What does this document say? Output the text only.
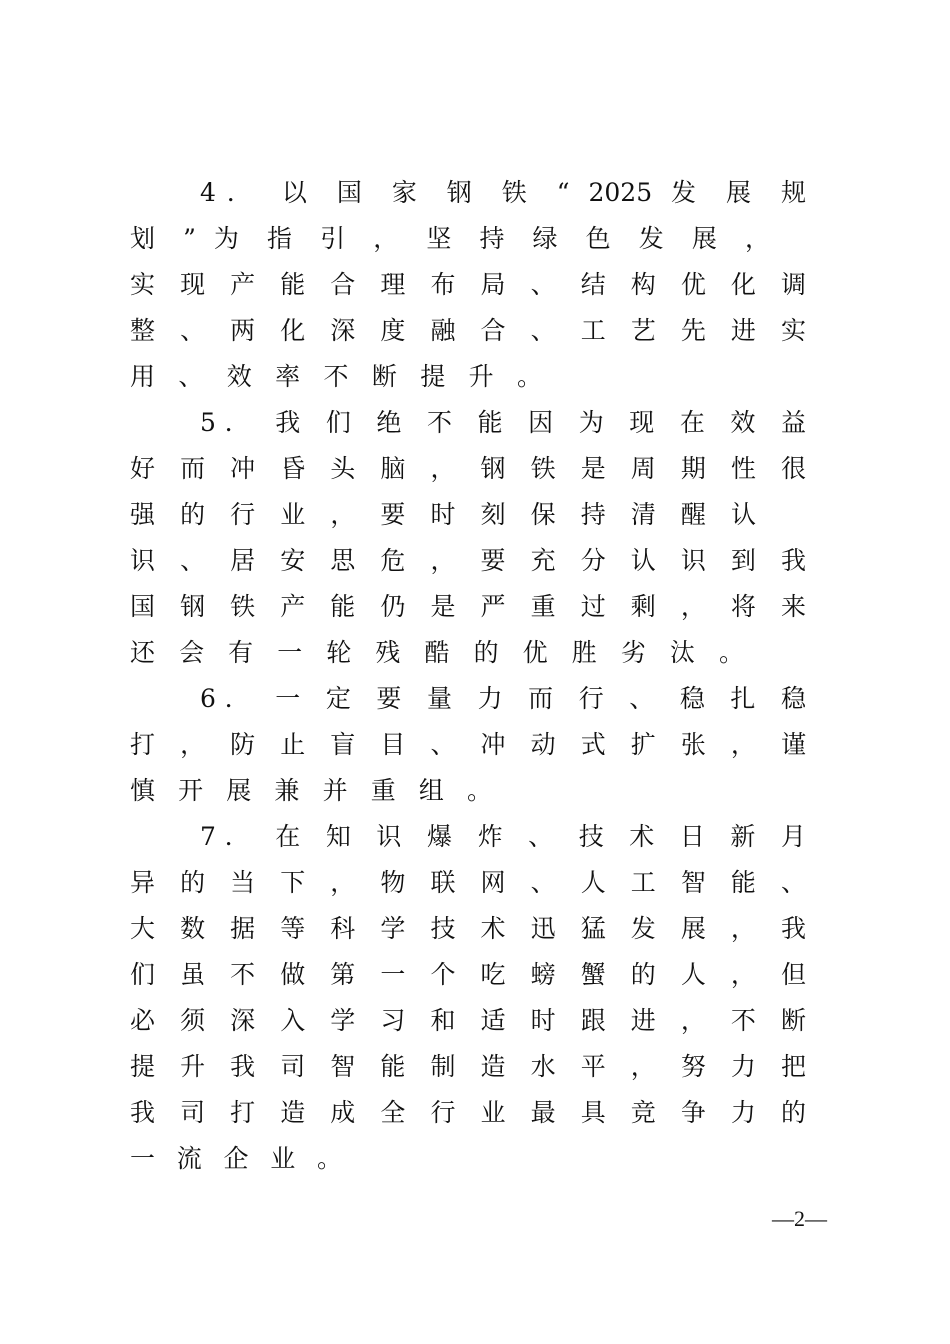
4． 以 国 家 钢 铁 “ 2025 发 展 规
划 ” 为 指 引 ， 坚 持 绿 色 发 展 ，
实 现 产 能 合 理 布 局 、 结 构 优 化 调
整 、 两 化 深 度 融 合 、 工 艺 先 进 实
用 、 效 率 不 断 提 升 。
5． 我 们 绝 不 能 因 为 现 在 效 益
好 而 冲 昏 头 脑 ， 钢 铁 是 周 期 性 很
强 的 行 业 ， 要 时 刻 保 持 清 醒 认
识 、 居 安 思 危 ， 要 充 分 认 识 到 我
国 钢 铁 产 能 仍 是 严 重 过 剩 ， 将 来
还 会 有 一 轮 残 酷 的 优 胜 劣 汰 。
6． 一 定 要 量 力 而 行 、 稳 扎 稳
打 ， 防 止 盲 目 、 冲 动 式 扩 张 ， 谨
慎 开 展 兼 并 重 组 。
7． 在 知 识 爆 炸 、 技 术 日 新 月
异 的 当 下 ， 物 联 网 、 人 工 智 能 、
大 数 据 等 科 学 技 术 迅 猛 发 展 ， 我
们 虽 不 做 第 一 个 吃 螃 蟹 的 人 ， 但
必 须 深 入 学 习 和 适 时 跟 进 ， 不 断
提 升 我 司 智 能 制 造 水 平 ， 努 力 把
我 司 打 造 成 全 行 业 最 具 竞 争 力 的
一 流 企 业 。
—2—
